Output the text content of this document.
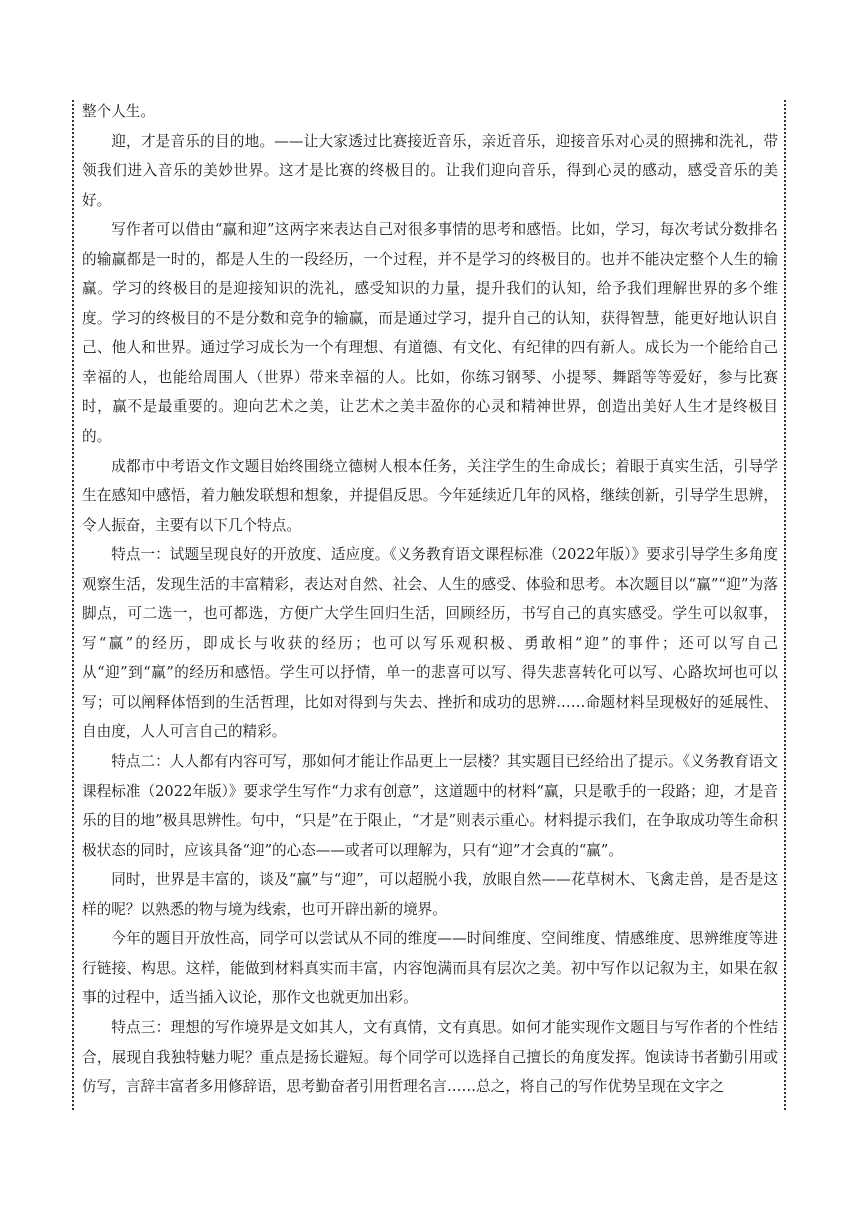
整个人生。

迎，才是音乐的目的地。——让大家透过比赛接近音乐，亲近音乐，迎接音乐对心灵的照拂和洗礼，带领我们进入音乐的美妙世界。这才是比赛的终极目的。让我们迎向音乐，得到心灵的感动，感受音乐的美好。

写作者可以借由“赢和迎”这两字来表达自己对很多事情的思考和感悟。比如，学习，每次考试分数排名的输赢都是一时的，都是人生的一段经历，一个过程，并不是学习的终极目的。也并不能决定整个人生的输赢。学习的终极目的是迎接知识的洗礼，感受知识的力量，提升我们的认知，给予我们理解世界的多个维度。学习的终极目的不是分数和竞争的输赢，而是通过学习，提升自己的认知，获得智慧，能更好地认识自己、他人和世界。通过学习成长为一个有理想、有道德、有文化、有纪律的四有新人。成长为一个能给自己幸福的人，也能给周围人（世界）带来幸福的人。比如，你练习钢琴、小提琴、舞蹈等等爱好，参与比赛时，赢不是最重要的。迎向艺术之美，让艺术之美丰盈你的心灵和精神世界，创造出美好人生才是终极目的。

成都市中考语文作文题目始终围绕立德树人根本任务，关注学生的生命成长；着眼于真实生活，引导学生在感知中感悟，着力触发联想和想象，并提倡反思。今年延续近几年的风格，继续创新，引导学生思辨，令人振奋，主要有以下几个特点。

特点一：试题呈现良好的开放度、适应度。《义务教育语文课程标准（2022年版）》要求引导学生多角度观察生活，发现生活的丰富精彩，表达对自然、社会、人生的感受、体验和思考。本次题目以“赢”“迎”为落脚点，可二选一，也可都选，方便广大学生回归生活，回顾经历，书写自己的真实感受。学生可以叙事，写“赢”的经历，即成长与收获的经历；也可以写乐观积极、勇敢相“迎”的事件；还可以写自己从“迎”到“赢”的经历和感悟。学生可以抒情，单一的悲喜可以写、得失悲喜转化可以写、心路坎坷也可以写；可以阐释体悟到的生活哲理，比如对得到与失去、挫折和成功的思辨……命题材料呈现极好的延展性、自由度，人人可言自己的精彩。

特点二：人人都有内容可写，那如何才能让作品更上一层楼？其实题目已经给出了提示。《义务教育语文课程标准（2022年版）》要求学生写作“力求有创意”，这道题中的材料“赢，只是歌手的一段路；迎，才是音乐的目的地”极具思辨性。句中，“只是”在于限止，“才是”则表示重心。材料提示我们，在争取成功等生命积极状态的同时，应该具备“迎”的心态——或者可以理解为，只有“迎”才会真的“赢”。

同时，世界是丰富的，谈及“赢”与“迎”，可以超脱小我，放眼自然——花草树木、飞禽走兽，是否是这样的呢？以熟悉的物与境为线索，也可开辟出新的境界。

今年的题目开放性高，同学可以尝试从不同的维度——时间维度、空间维度、情感维度、思辨维度等进行链接、构思。这样，能做到材料真实而丰富，内容饱满而具有层次之美。初中写作以记叙为主，如果在叙事的过程中，适当插入议论，那作文也就更加出彩。

特点三：理想的写作境界是文如其人，文有真情，文有真思。如何才能实现作文题目与写作者的个性结合，展现自我独特魅力呢？重点是扬长避短。每个同学可以选择自己擅长的角度发挥。饱读诗书者勤引用或仿写，言辞丰富者多用修辞语，思考勤奋者引用哲理名言……总之，将自己的写作优势呈现在文字之
